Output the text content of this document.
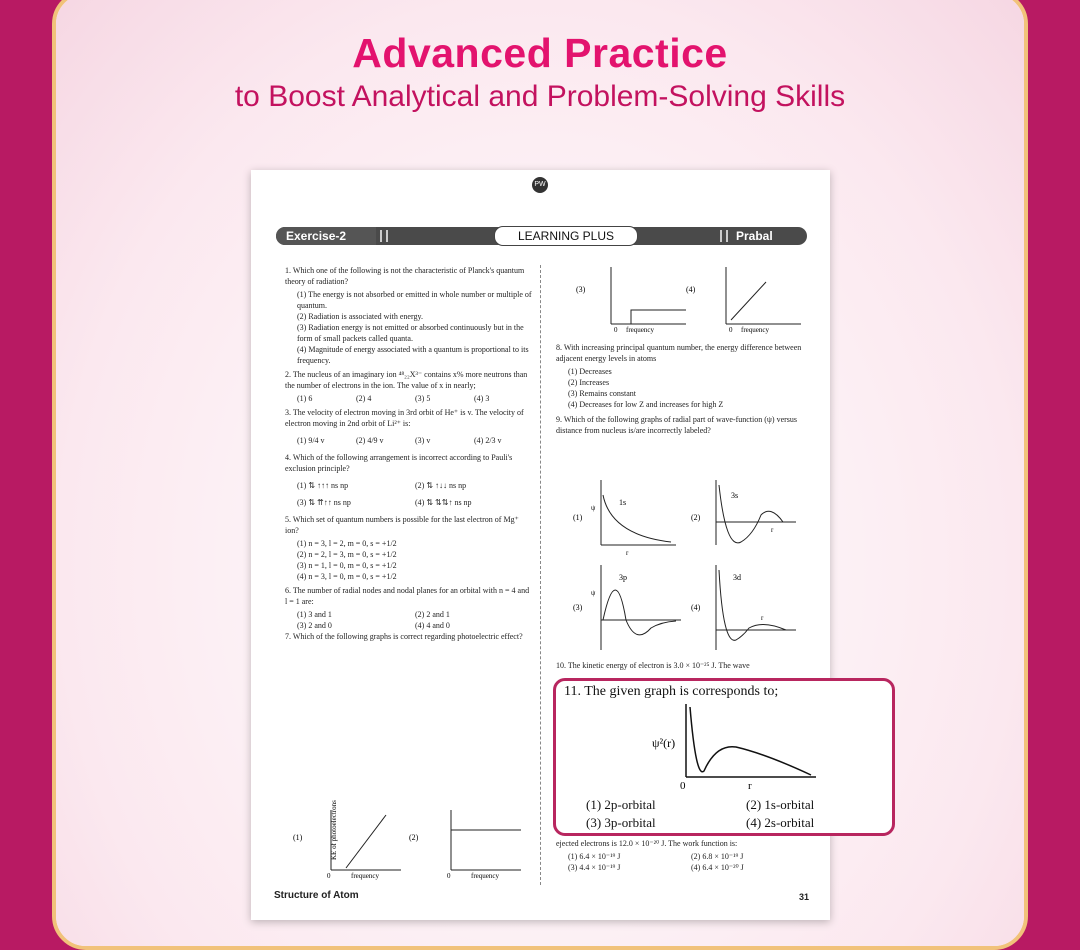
Advanced Practice
to Boost Analytical and Problem-Solving Skills
PW
Exercise-2	LEARNING PLUS	Prabal
1. Which one of the following is not the characteristic of Planck's quantum theory of radiation?
(1) The energy is not absorbed or emitted in whole number or multiple of quantum.
(2) Radiation is associated with energy.
(3) Radiation energy is not emitted or absorbed continuously but in the form of small packets called quanta.
(4) Magnitude of energy associated with a quantum is proportional to its frequency.
2. The nucleus of an imaginary ion ⁴⁸₂₂X³⁻ contains x% more neutrons than the number of electrons in the ion. The value of x in nearly;
(1) 6	(2) 4	(3) 5	(4) 3
3. The velocity of electron moving in 3rd orbit of He⁺ is v. The velocity of electron moving in 2nd orbit of Li²⁺ is:
(1) 9/4 v	(2) 4/9 v	(3) v	(4) 2/3 v
4. Which of the following arrangement is incorrect according to Pauli's exclusion principle?
(1) ⇅ ↑↑↑ ns np	(2) ⇅ ↑↓↓ ns np
(3) ⇅ ⇈↑↑ ns np	(4) ⇅ ⇅⇅↑ ns np
5. Which set of quantum numbers is possible for the last electron of Mg⁺ ion?
(1) n = 3, l = 2, m = 0, s = +1/2
(2) n = 2, l = 3, m = 0, s = +1/2
(3) n = 1, l = 0, m = 0, s = +1/2
(4) n = 3, l = 0, m = 0, s = +1/2
6. The number of radial nodes and nodal planes for an orbital with n = 4 and l = 1 are:
(1) 3 and 1	(2) 2 and 1
(3) 2 and 0	(4) 4 and 0
7. Which of the following graphs is correct regarding photoelectric effect?
(1)	KE of photoelectrons
0	frequency
(2)
0	frequency
(3)
0 frequency
(4)
0 frequency
8. With increasing principal quantum number, the energy difference between adjacent energy levels in atoms
(1) Decreases
(2) Increases
(3) Remains constant
(4) Decreases for low Z and increases for high Z
9. Which of the following graphs of radial part of wave-function (ψ) versus distance from nucleus is/are incorrectly labeled?
(1)
1s
ψ
r
(2)
3s
r
(3)
3p
ψ
(4)
3d
r
10. The kinetic energy of electron is 3.0 × 10⁻²⁵ J. The wave
ejected electrons is 12.0 × 10⁻²⁰ J. The work function is:
(1) 6.4 × 10⁻¹⁹ J	(2) 6.8 × 10⁻¹⁹ J
(3) 4.4 × 10⁻¹⁹ J	(4) 6.4 × 10⁻²⁰ J
Structure of Atom	31
11. The given graph is corresponds to;
ψ²(r)
0	r
(1) 2p-orbital	(2) 1s-orbital
(3) 3p-orbital	(4) 2s-orbital
